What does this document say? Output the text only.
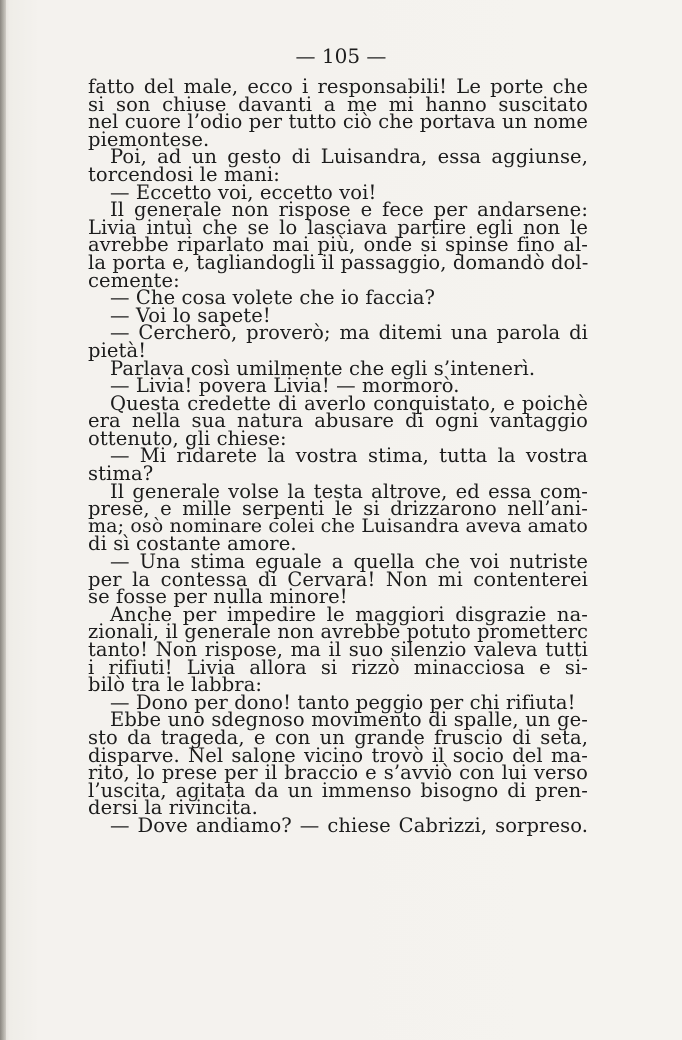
— 105 —
fatto del male, ecco i responsabili! Le porte che
si son chiuse davanti a me mi hanno suscitato
nel cuore l’odio per tutto ciò che portava un nome
piemontese.
Poi, ad un gesto di Luisandra, essa aggiunse,
torcendosi le mani:
— Eccetto voi, eccetto voi!
Il generale non rispose e fece per andarsene:
Livia intuì che se lo lasciava partire egli non le
avrebbe riparlato mai più, onde si spinse fino al-
la porta e, tagliandogli il passaggio, domandò dol-
cemente:
— Che cosa volete che io faccia?
— Voi lo sapete!
— Cercherò, proverò; ma ditemi una parola di
pietà!
Parlava così umilmente che egli s’intenerì.
— Livia! povera Livia! — mormorò.
Questa credette di averlo conquistato, e poichè
era nella sua natura abusare di ogni vantaggio
ottenuto, gli chiese:
— Mi ridarete la vostra stima, tutta la vostra
stima?
Il generale volse la testa altrove, ed essa com-
prese, e mille serpenti le si drizzarono nell’ani-
ma; osò nominare colei che Luisandra aveva amato
di sì costante amore.
— Una stima eguale a quella che voi nutriste
per la contessa di Cervara! Non mi contenterei
se fosse per nulla minore!
Anche per impedire le maggiori disgrazie na-
zionali, il generale non avrebbe potuto prometterc
tanto! Non rispose, ma il suo silenzio valeva tutti
i rifiuti! Livia allora si rizzò minacciosa e si-
bilò tra le labbra:
— Dono per dono! tanto peggio per chi rifiuta!
Ebbe uno sdegnoso movimento di spalle, un ge-
sto da trageda, e con un grande fruscio di seta,
disparve. Nel salone vicino trovò il socio del ma-
rito, lo prese per il braccio e s’avviò con lui verso
l’uscita, agitata da un immenso bisogno di pren-
dersi la rivincita.
— Dove andiamo? — chiese Cabrizzi, sorpreso.
